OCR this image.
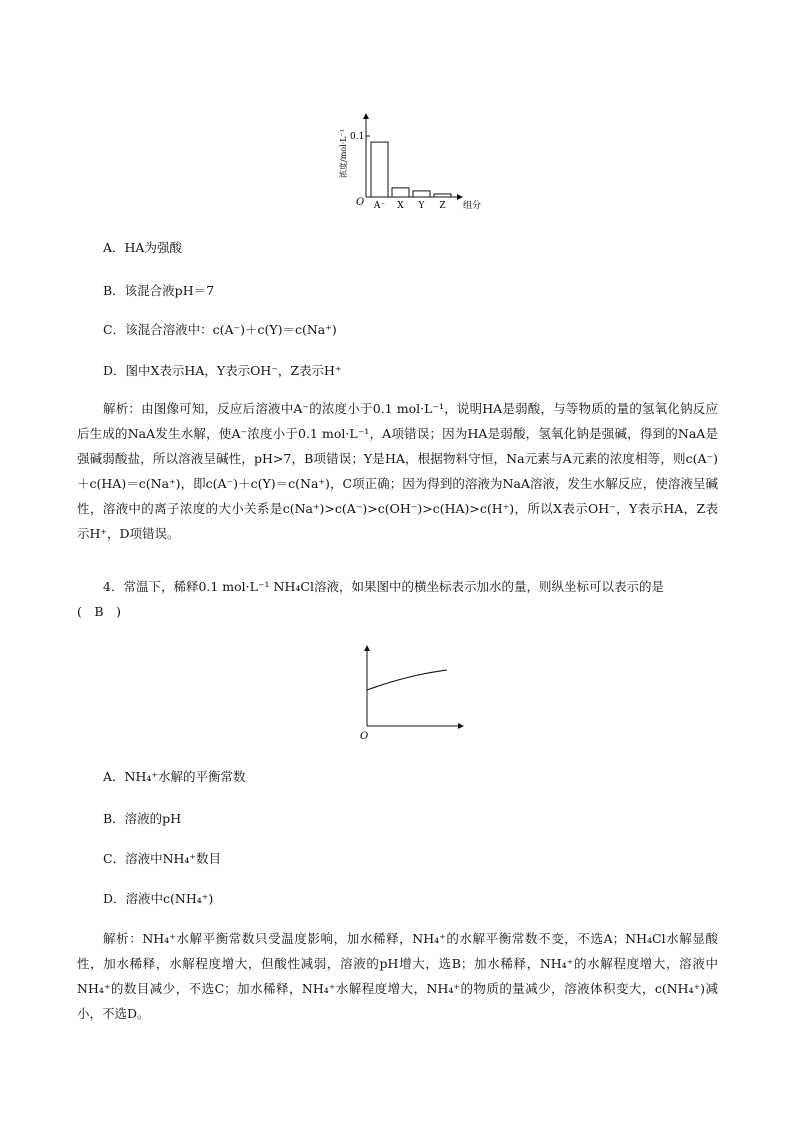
0.1
O
浓度/mol·L⁻¹
组分
A⁻ X Y Z
A．HA为强酸
B．该混合液pH＝7
C．该混合溶液中：c(A⁻)＋c(Y)＝c(Na⁺)
D．图中X表示HA，Y表示OH⁻，Z表示H⁺
解析：由图像可知，反应后溶液中A⁻的浓度小于0.1 mol·L⁻¹，说明HA是弱酸，与等物质的量的氢氧化钠反应后生成的NaA发生水解，使A⁻浓度小于0.1 mol·L⁻¹，A项错误；因为HA是弱酸，氢氧化钠是强碱，得到的NaA是强碱弱酸盐，所以溶液呈碱性，pH>7，B项错误；Y是HA，根据物料守恒，Na元素与A元素的浓度相等，则c(A⁻)＋c(HA)＝c(Na⁺)，即c(A⁻)＋c(Y)＝c(Na⁺)，C项正确；因为得到的溶液为NaA溶液，发生水解反应，使溶液呈碱性，溶液中的离子浓度的大小关系是c(Na⁺)>c(A⁻)>c(OH⁻)>c(HA)>c(H⁺)，所以X表示OH⁻，Y表示HA，Z表示H⁺，D项错误。
4．常温下，稀释0.1 mol·L⁻¹ NH₄Cl溶液，如果图中的横坐标表示加水的量，则纵坐标可以表示的是
(　B　)
O
A．NH₄⁺水解的平衡常数
B．溶液的pH
C．溶液中NH₄⁺数目
D．溶液中c(NH₄⁺)
解析：NH₄⁺水解平衡常数只受温度影响，加水稀释，NH₄⁺的水解平衡常数不变，不选A；NH₄Cl水解显酸性，加水稀释，水解程度增大，但酸性减弱，溶液的pH增大，选B；加水稀释，NH₄⁺的水解程度增大，溶液中NH₄⁺的数目减少，不选C；加水稀释，NH₄⁺水解程度增大，NH₄⁺的物质的量减少，溶液体积变大，c(NH₄⁺)减小，不选D。
